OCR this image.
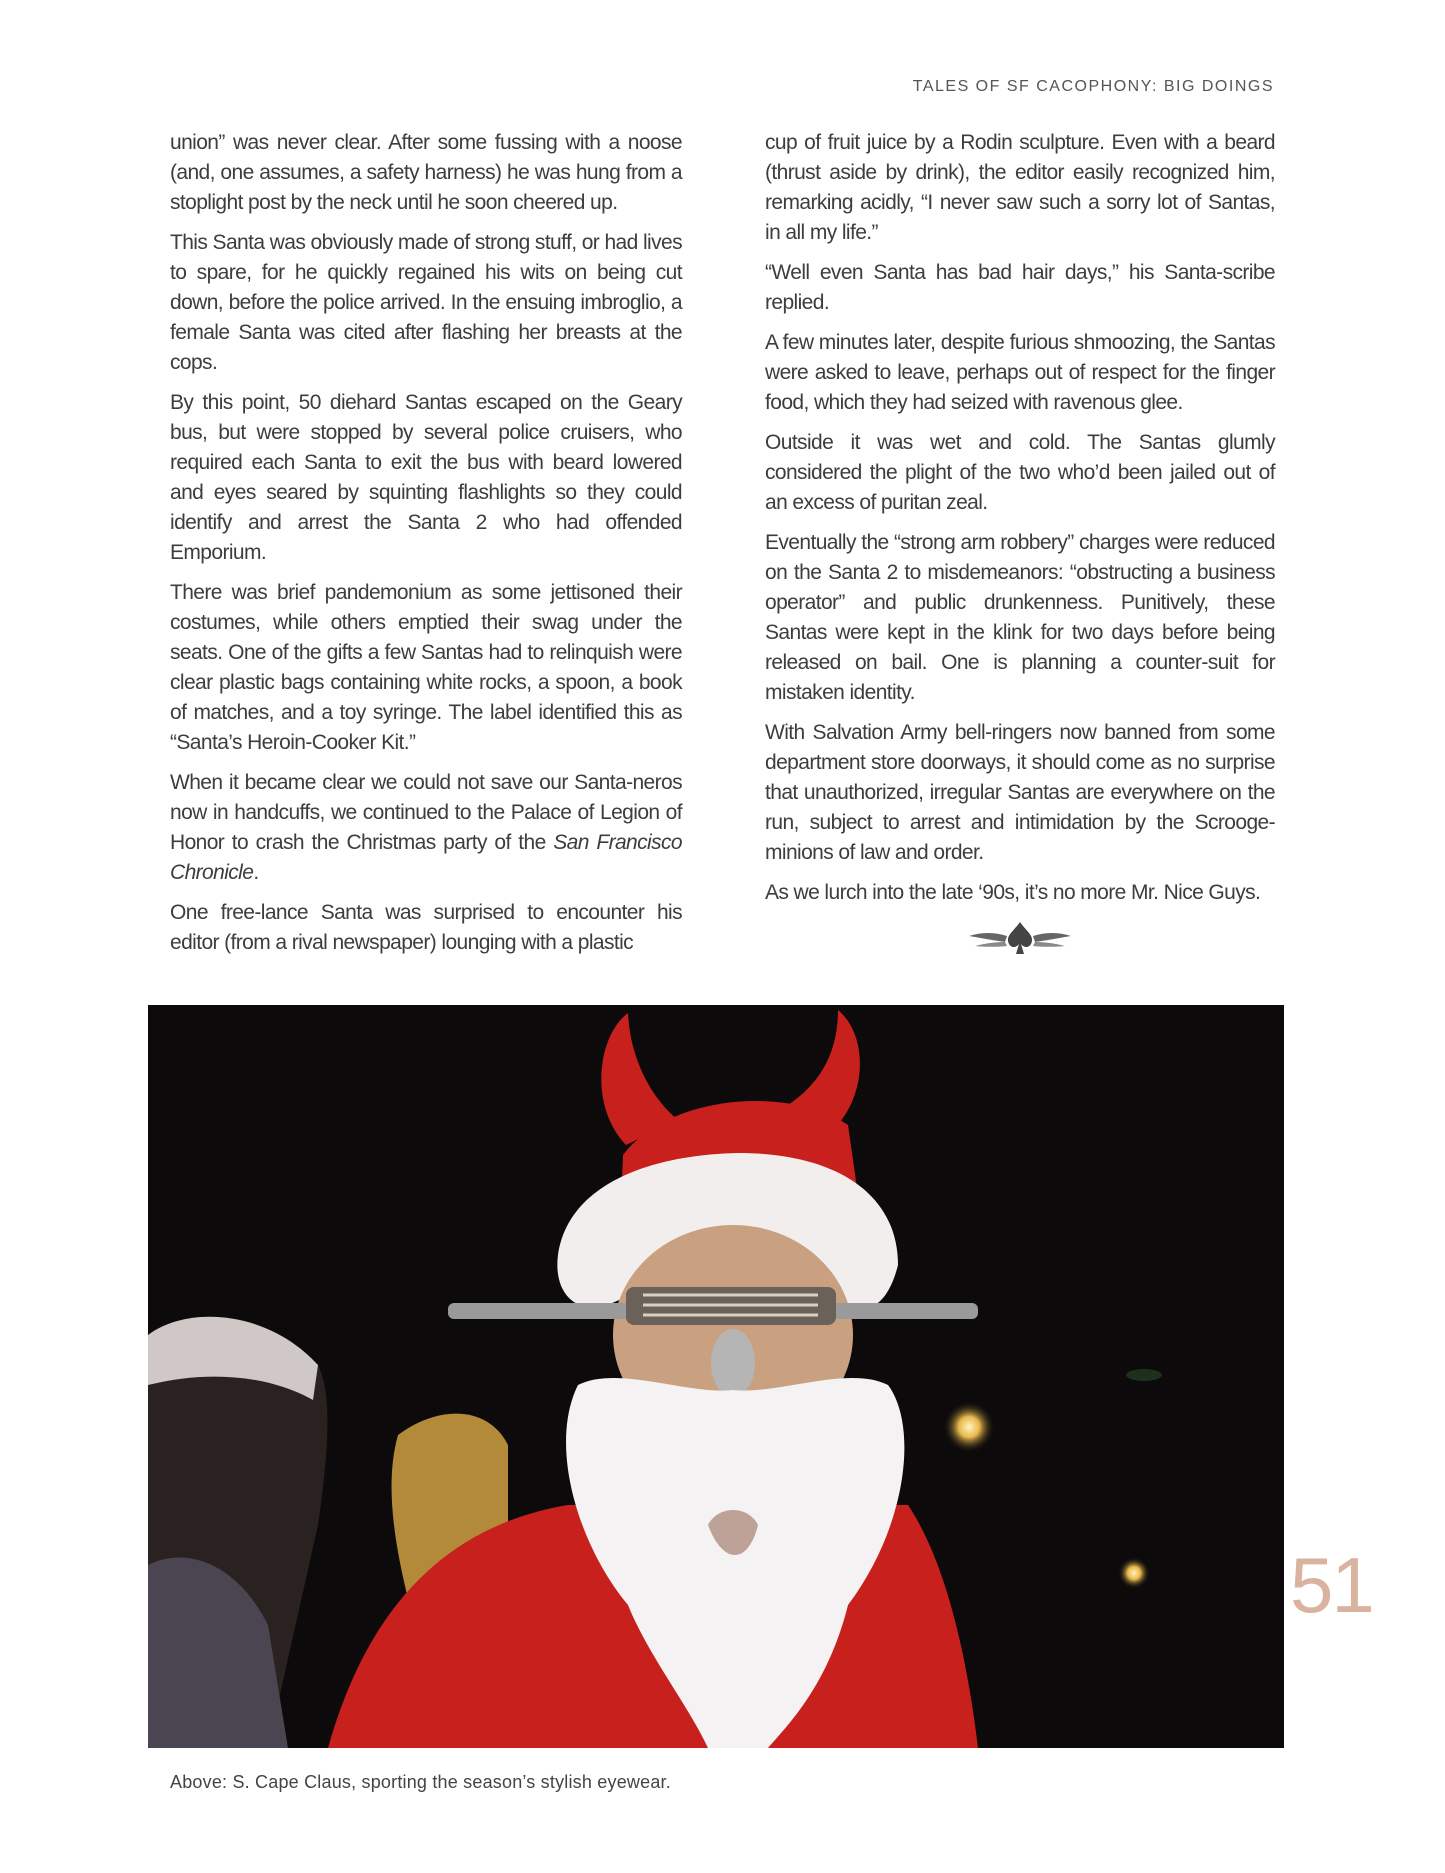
TALES OF SF CACOPHONY: BIG DOINGS

union” was never clear. After some fussing with a noose (and, one assumes, a safety harness) he was hung from a stoplight post by the neck until he soon cheered up.

This Santa was obviously made of strong stuff, or had lives to spare, for he quickly regained his wits on being cut down, before the police arrived. In the ensuing imbroglio, a female Santa was cited after flashing her breasts at the cops.

By this point, 50 diehard Santas escaped on the Geary bus, but were stopped by several police cruisers, who required each Santa to exit the bus with beard lowered and eyes seared by squinting flashlights so they could identify and arrest the Santa 2 who had offended Emporium.

There was brief pandemonium as some jettisoned their costumes, while others emptied their swag under the seats. One of the gifts a few Santas had to relinquish were clear plastic bags containing white rocks, a spoon, a book of matches, and a toy syringe. The label identified this as “Santa’s Heroin-Cooker Kit.”

When it became clear we could not save our Santa-neros now in handcuffs, we continued to the Palace of Legion of Honor to crash the Christmas party of the San Francisco Chronicle.

One free-lance Santa was surprised to encounter his editor (from a rival newspaper) lounging with a plastic

cup of fruit juice by a Rodin sculpture. Even with a beard (thrust aside by drink), the editor easily recognized him, remarking acidly, “I never saw such a sorry lot of Santas, in all my life.”

“Well even Santa has bad hair days,” his Santa-scribe replied.

A few minutes later, despite furious shmoozing, the Santas were asked to leave, perhaps out of respect for the finger food, which they had seized with ravenous glee.

Outside it was wet and cold. The Santas glumly considered the plight of the two who’d been jailed out of an excess of puritan zeal.

Eventually the “strong arm robbery” charges were reduced on the Santa 2 to misdemeanors: “obstructing a business operator” and public drunkenness. Punitively, these Santas were kept in the klink for two days before being released on bail. One is planning a counter-suit for mistaken identity.

With Salvation Army bell-ringers now banned from some department store doorways, it should come as no surprise that unauthorized, irregular Santas are everywhere on the run, subject to arrest and intimidation by the Scrooge-minions of law and order.

As we lurch into the late ‘90s, it’s no more Mr. Nice Guys.

51
Above: S. Cape Claus, sporting the season’s stylish eyewear.
